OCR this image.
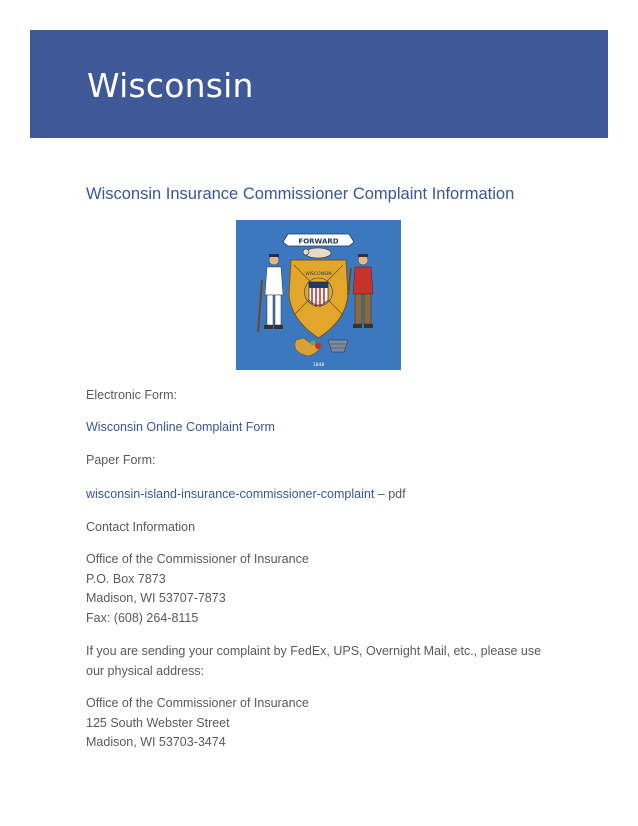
Wisconsin
Wisconsin Insurance Commissioner Complaint Information
FORWARD
WISCONSIN
1848
Electronic Form:
Wisconsin Online Complaint Form
Paper Form:
wisconsin-island-insurance-commissioner-complaint – pdf
Contact Information
Office of the Commissioner of Insurance
P.O. Box 7873
Madison, WI 53707-7873
Fax: (608) 264-8115
If you are sending your complaint by FedEx, UPS, Overnight Mail, etc., please use
our physical address:
Office of the Commissioner of Insurance
125 South Webster Street
Madison, WI 53703-3474
